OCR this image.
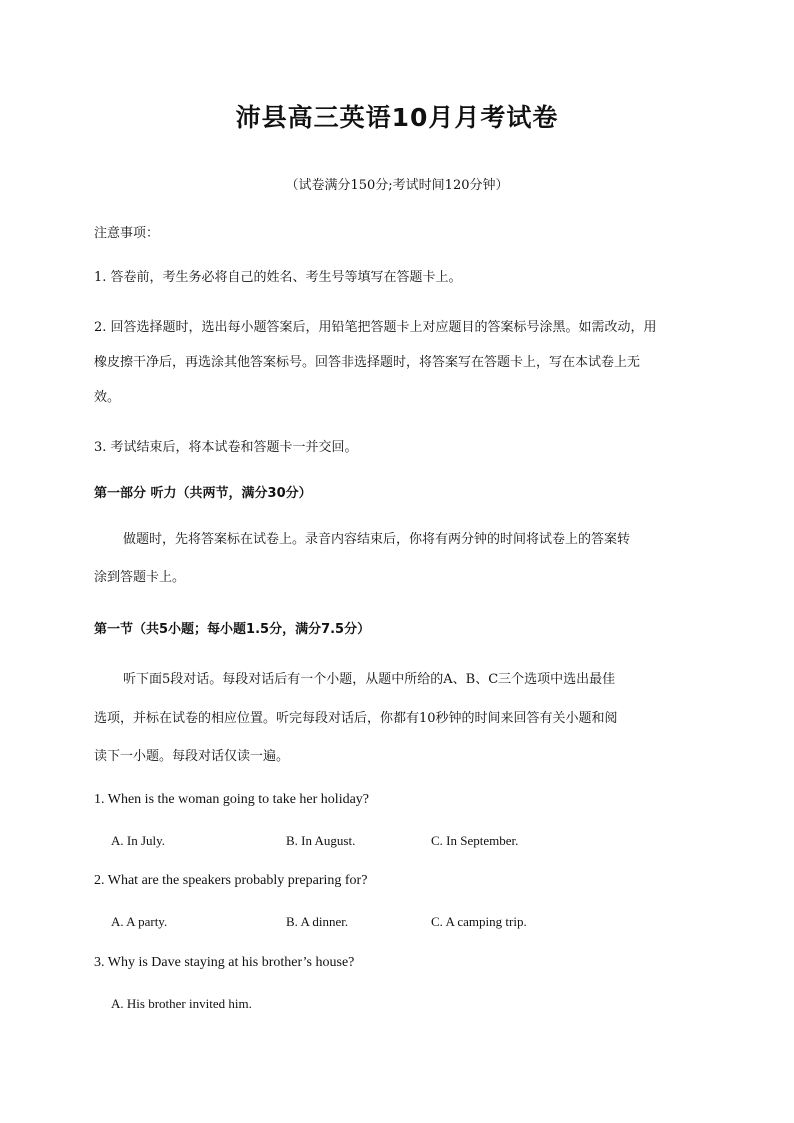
沛县高三英语10月月考试卷
（试卷满分150分;考试时间120分钟）
注意事项：
1. 答卷前，考生务必将自己的姓名、考生号等填写在答题卡上。
2. 回答选择题时，选出每小题答案后，用铅笔把答题卡上对应题目的答案标号涂黑。如需改动，用
橡皮擦干净后，再选涂其他答案标号。回答非选择题时，将答案写在答题卡上，写在本试卷上无
效。
3. 考试结束后，将本试卷和答题卡一并交回。
第一部分 听力（共两节，满分30分）
做题时，先将答案标在试卷上。录音内容结束后，你将有两分钟的时间将试卷上的答案转
涂到答题卡上。
第一节（共5小题；每小题1.5分，满分7.5分）
听下面5段对话。每段对话后有一个小题，从题中所给的A、B、C三个选项中选出最佳
选项，并标在试卷的相应位置。听完每段对话后，你都有10秒钟的时间来回答有关小题和阅
读下一小题。每段对话仅读一遍。
1. When is the woman going to take her holiday?
A. In July.	B. In August.	C. In September.
2. What are the speakers probably preparing for?
A. A party.	B. A dinner.	C. A camping trip.
3. Why is Dave staying at his brother’s house?
A. His brother invited him.
